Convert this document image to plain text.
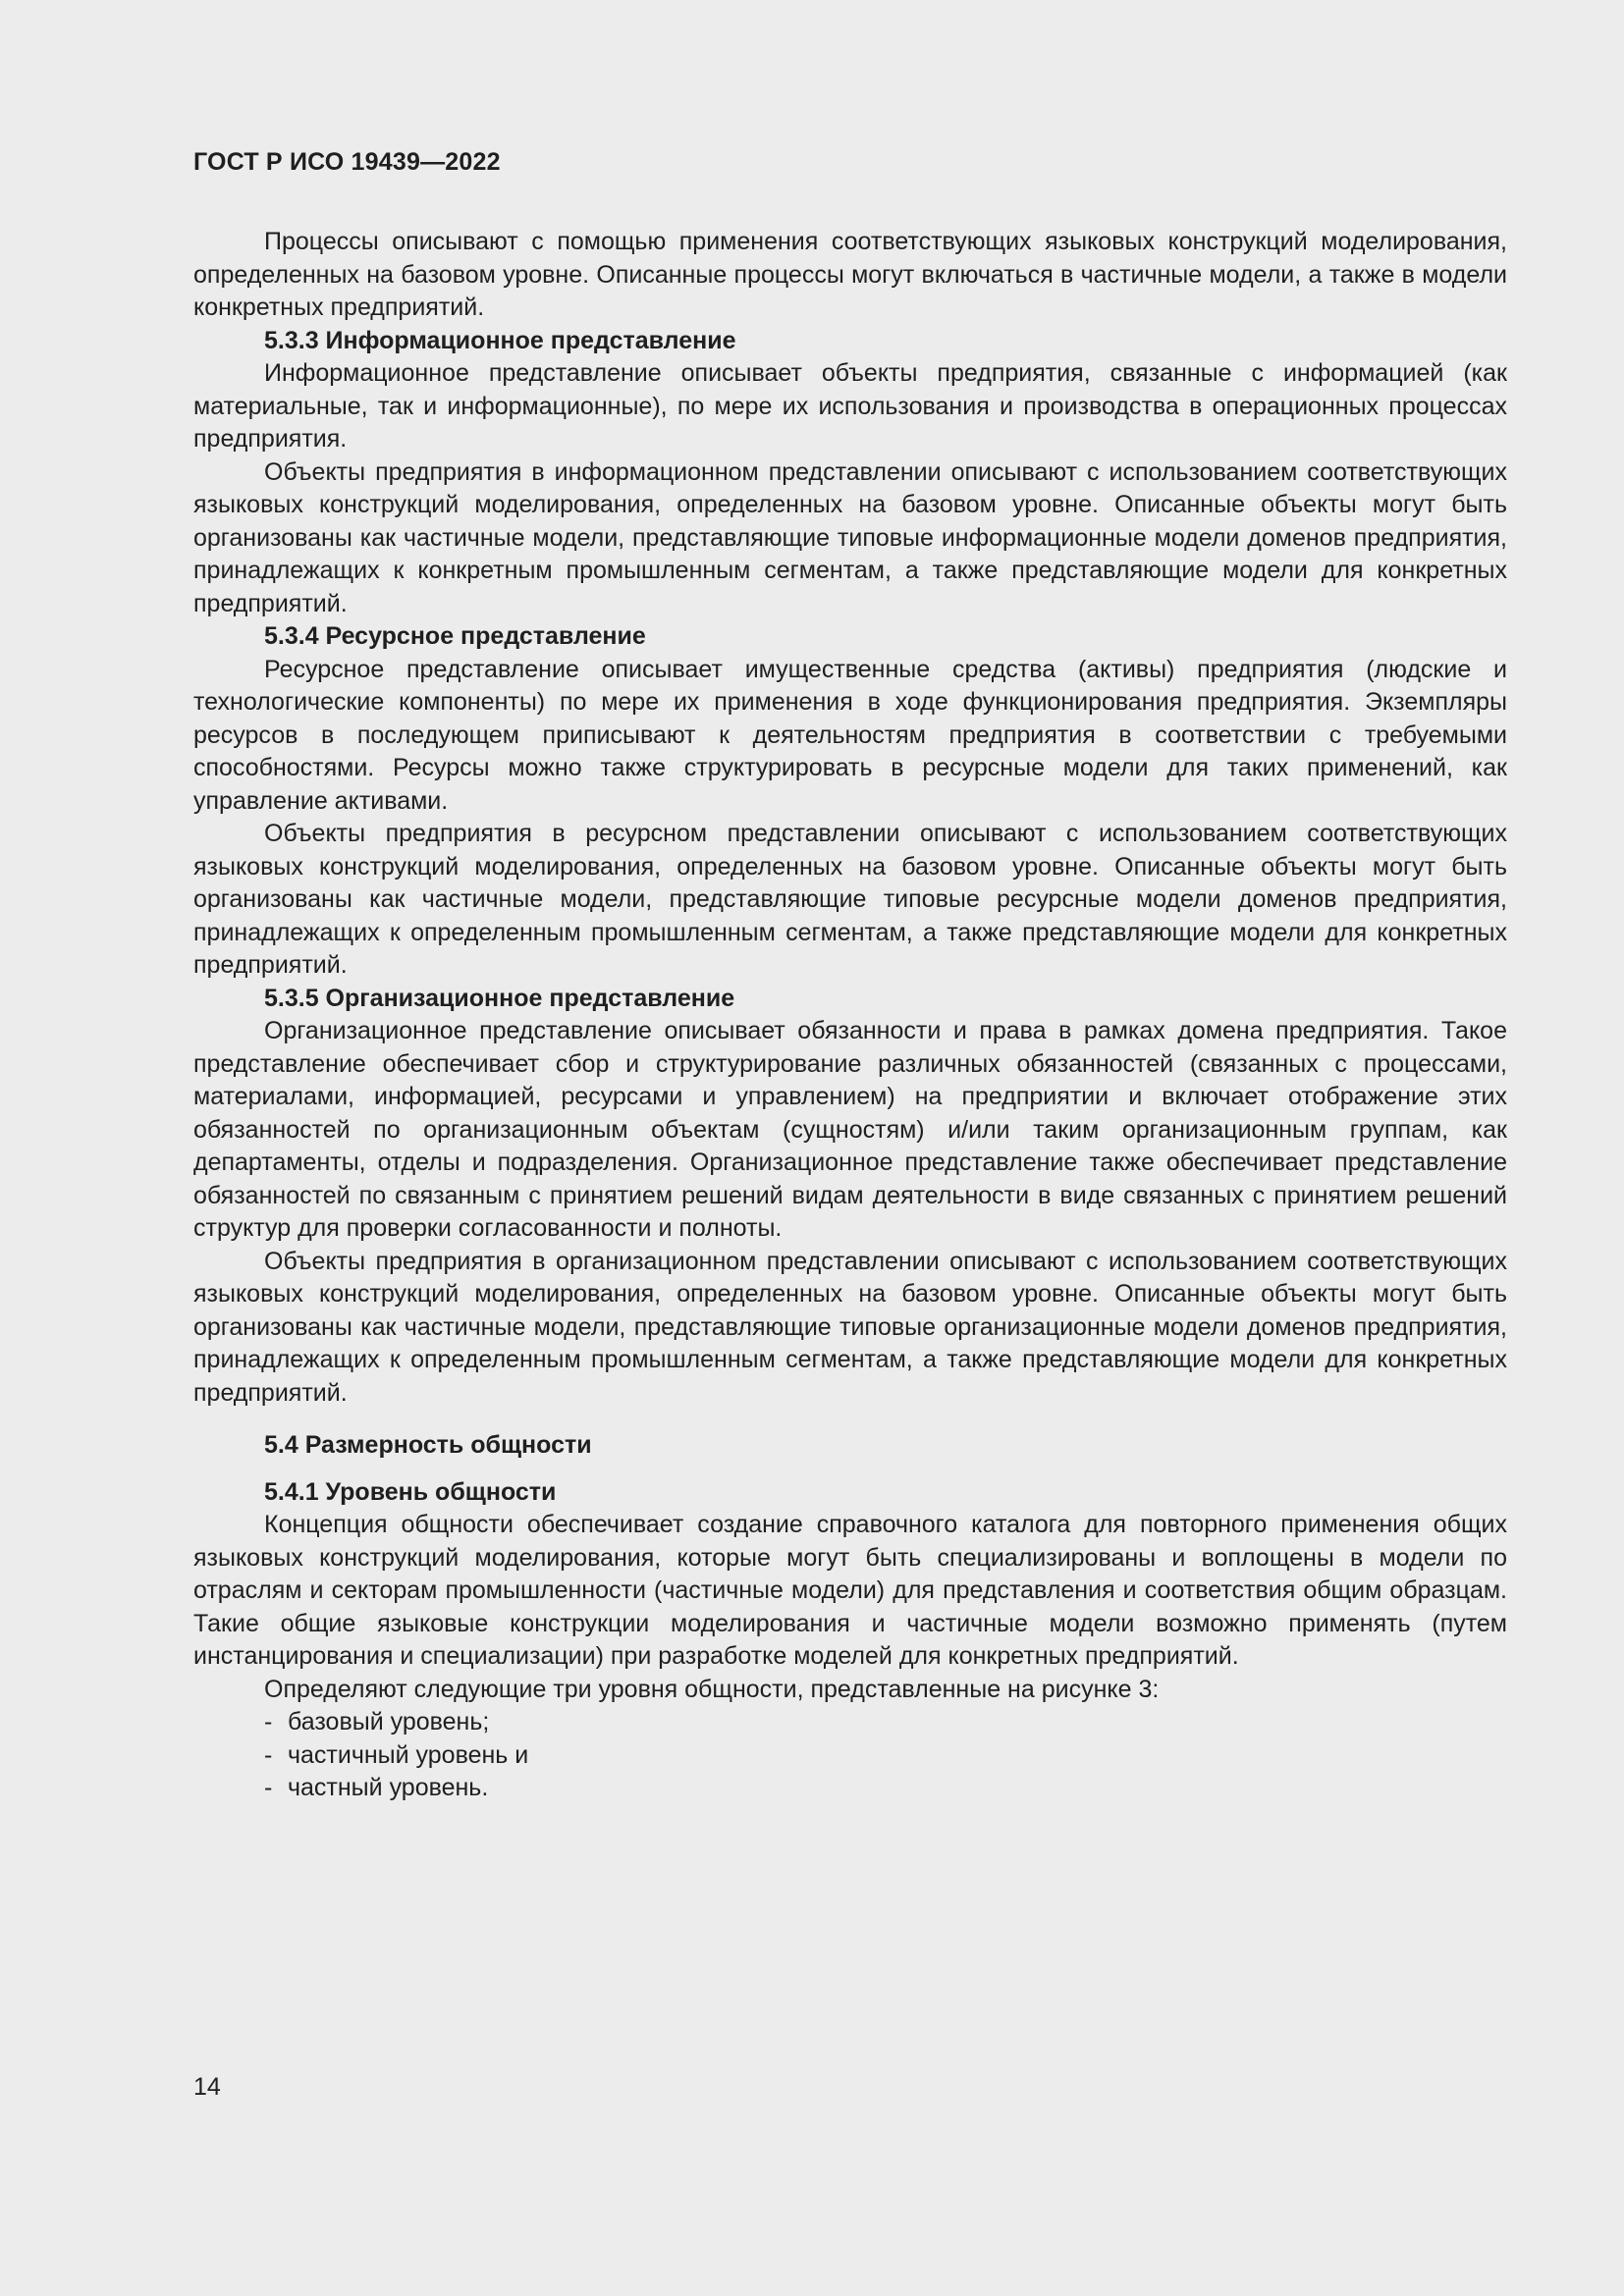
ГОСТ Р ИСО 19439—2022

Процессы описывают с помощью применения соответствующих языковых конструкций моделирования, определенных на базовом уровне. Описанные процессы могут включаться в частичные модели, а также в модели конкретных предприятий.

5.3.3 Информационное представление

Информационное представление описывает объекты предприятия, связанные с информацией (как материальные, так и информационные), по мере их использования и производства в операционных процессах предприятия.

Объекты предприятия в информационном представлении описывают с использованием соответствующих языковых конструкций моделирования, определенных на базовом уровне. Описанные объекты могут быть организованы как частичные модели, представляющие типовые информационные модели доменов предприятия, принадлежащих к конкретным промышленным сегментам, а также представляющие модели для конкретных предприятий.

5.3.4 Ресурсное представление

Ресурсное представление описывает имущественные средства (активы) предприятия (людские и технологические компоненты) по мере их применения в ходе функционирования предприятия. Экземпляры ресурсов в последующем приписывают к деятельностям предприятия в соответствии с требуемыми способностями. Ресурсы можно также структурировать в ресурсные модели для таких применений, как управление активами.

Объекты предприятия в ресурсном представлении описывают с использованием соответствующих языковых конструкций моделирования, определенных на базовом уровне. Описанные объекты могут быть организованы как частичные модели, представляющие типовые ресурсные модели доменов предприятия, принадлежащих к определенным промышленным сегментам, а также представляющие модели для конкретных предприятий.

5.3.5 Организационное представление

Организационное представление описывает обязанности и права в рамках домена предприятия. Такое представление обеспечивает сбор и структурирование различных обязанностей (связанных с процессами, материалами, информацией, ресурсами и управлением) на предприятии и включает отображение этих обязанностей по организационным объектам (сущностям) и/или таким организационным группам, как департаменты, отделы и подразделения. Организационное представление также обеспечивает представление обязанностей по связанным с принятием решений видам деятельности в виде связанных с принятием решений структур для проверки согласованности и полноты.

Объекты предприятия в организационном представлении описывают с использованием соответствующих языковых конструкций моделирования, определенных на базовом уровне. Описанные объекты могут быть организованы как частичные модели, представляющие типовые организационные модели доменов предприятия, принадлежащих к определенным промышленным сегментам, а также представляющие модели для конкретных предприятий.

5.4 Размерность общности

5.4.1 Уровень общности

Концепция общности обеспечивает создание справочного каталога для повторного применения общих языковых конструкций моделирования, которые могут быть специализированы и воплощены в модели по отраслям и секторам промышленности (частичные модели) для представления и соответствия общим образцам. Такие общие языковые конструкции моделирования и частичные модели возможно применять (путем инстанцирования и специализации) при разработке моделей для конкретных предприятий.

Определяют следующие три уровня общности, представленные на рисунке 3:

- базовый уровень;
- частичный уровень и
- частный уровень.
14
